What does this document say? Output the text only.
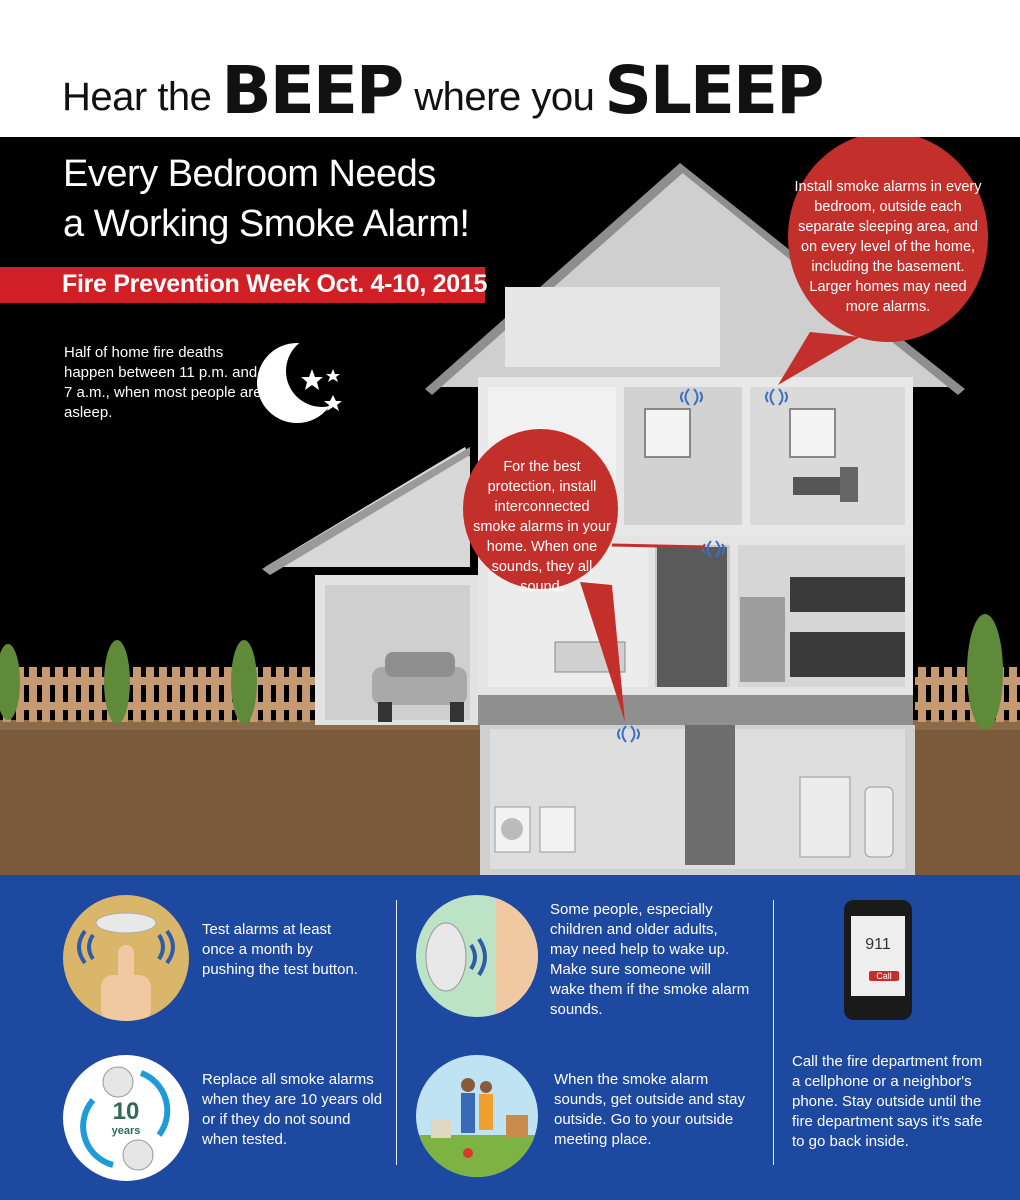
Hear the BEEP where you SLEEP
Every Bedroom Needs
a Working Smoke Alarm!
Fire Prevention Week Oct. 4-10, 2015
Half of home fire deaths happen between 11 p.m. and 7 a.m., when most people are asleep.
Install smoke alarms in every bedroom, outside each separate sleeping area, and on every level of the home, including the basement. Larger homes may need more alarms.
For the best protection, install interconnected smoke alarms in your home. When one sounds, they all sound.
Test alarms at least once a month by pushing the test button.
10
years
Replace all smoke alarms when they are 10 years old or if they do not sound when tested.
Some people, especially children and older adults, may need help to wake up. Make sure someone will wake them if the smoke alarm sounds.
When the smoke alarm sounds, get outside and stay outside. Go to your outside meeting place.
911
Call
Call the fire department from a cellphone or a neighbor's phone. Stay outside until the fire department says it's safe to go back inside.
